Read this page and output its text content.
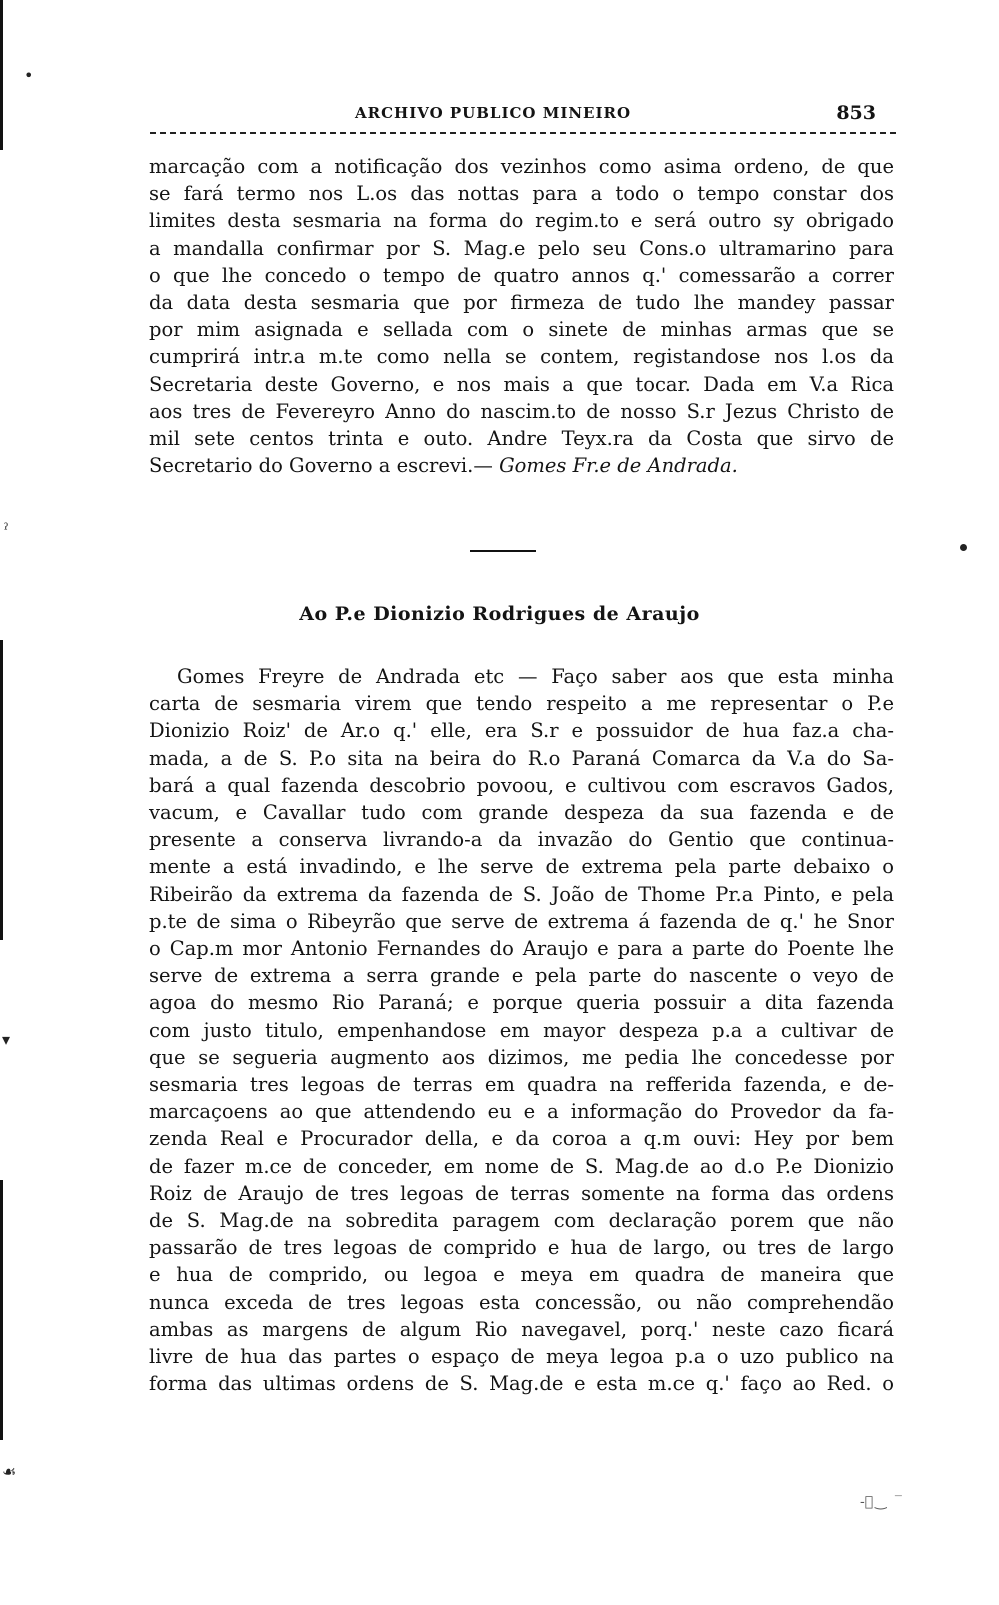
•
ˀ
▾
☙
-ﾞ‿ ‾
ARCHIVO PUBLICO MINEIRO	853
marcação com a notificação dos vezinhos como asima ordeno, de que
se fará termo nos L.os das nottas para a todo o tempo constar dos
limites desta sesmaria na forma do regim.to e será outro sy obrigado
a mandalla confirmar por S. Mag.e pelo seu Cons.o ultramarino para
o que lhe concedo o tempo de quatro annos q.' comessarão a correr
da data desta sesmaria que por firmeza de tudo lhe mandey passar
por mim asignada e sellada com o sinete de minhas armas que se
cumprirá intr.a m.te como nella se contem, registandose nos l.os da
Secretaria deste Governo, e nos mais a que tocar. Dada em V.a Rica
aos tres de Fevereyro Anno do nascim.to de nosso S.r Jezus Christo de
mil sete centos trinta e outo. Andre Teyx.ra da Costa que sirvo de
Secretario do Governo a escrevi.— Gomes Fr.e de Andrada.
Ao P.e Dionizio Rodrigues de Araujo
Gomes Freyre de Andrada etc — Faço saber aos que esta minha
carta de sesmaria virem que tendo respeito a me representar o P.e
Dionizio Roiz' de Ar.o q.' elle, era S.r e possuidor de hua faz.a cha-
mada, a de S. P.o sita na beira do R.o Paraná Comarca da V.a do Sa-
bará a qual fazenda descobrio povoou, e cultivou com escravos Gados,
vacum, e Cavallar tudo com grande despeza da sua fazenda e de
presente a conserva livrando-a da invazão do Gentio que continua-
mente a está invadindo, e lhe serve de extrema pela parte debaixo o
Ribeirão da extrema da fazenda de S. João de Thome Pr.a Pinto, e pela
p.te de sima o Ribeyrão que serve de extrema á fazenda de q.' he Snor
o Cap.m mor Antonio Fernandes do Araujo e para a parte do Poente lhe
serve de extrema a serra grande e pela parte do nascente o veyo de
agoa do mesmo Rio Paraná; e porque queria possuir a dita fazenda
com justo titulo, empenhandose em mayor despeza p.a a cultivar de
que se segueria augmento aos dizimos, me pedia lhe concedesse por
sesmaria tres legoas de terras em quadra na refferida fazenda, e de-
marcaçoens ao que attendendo eu e a informação do Provedor da fa-
zenda Real e Procurador della, e da coroa a q.m ouvi: Hey por bem
de fazer m.ce de conceder, em nome de S. Mag.de ao d.o P.e Dionizio
Roiz de Araujo de tres legoas de terras somente na forma das ordens
de S. Mag.de na sobredita paragem com declaração porem que não
passarão de tres legoas de comprido e hua de largo, ou tres de largo
e hua de comprido, ou legoa e meya em quadra de maneira que
nunca exceda de tres legoas esta concessão, ou não comprehendão
ambas as margens de algum Rio navegavel, porq.' neste cazo ficará
livre de hua das partes o espaço de meya legoa p.a o uzo publico na
forma das ultimas ordens de S. Mag.de e esta m.ce q.' faço ao Red. o
